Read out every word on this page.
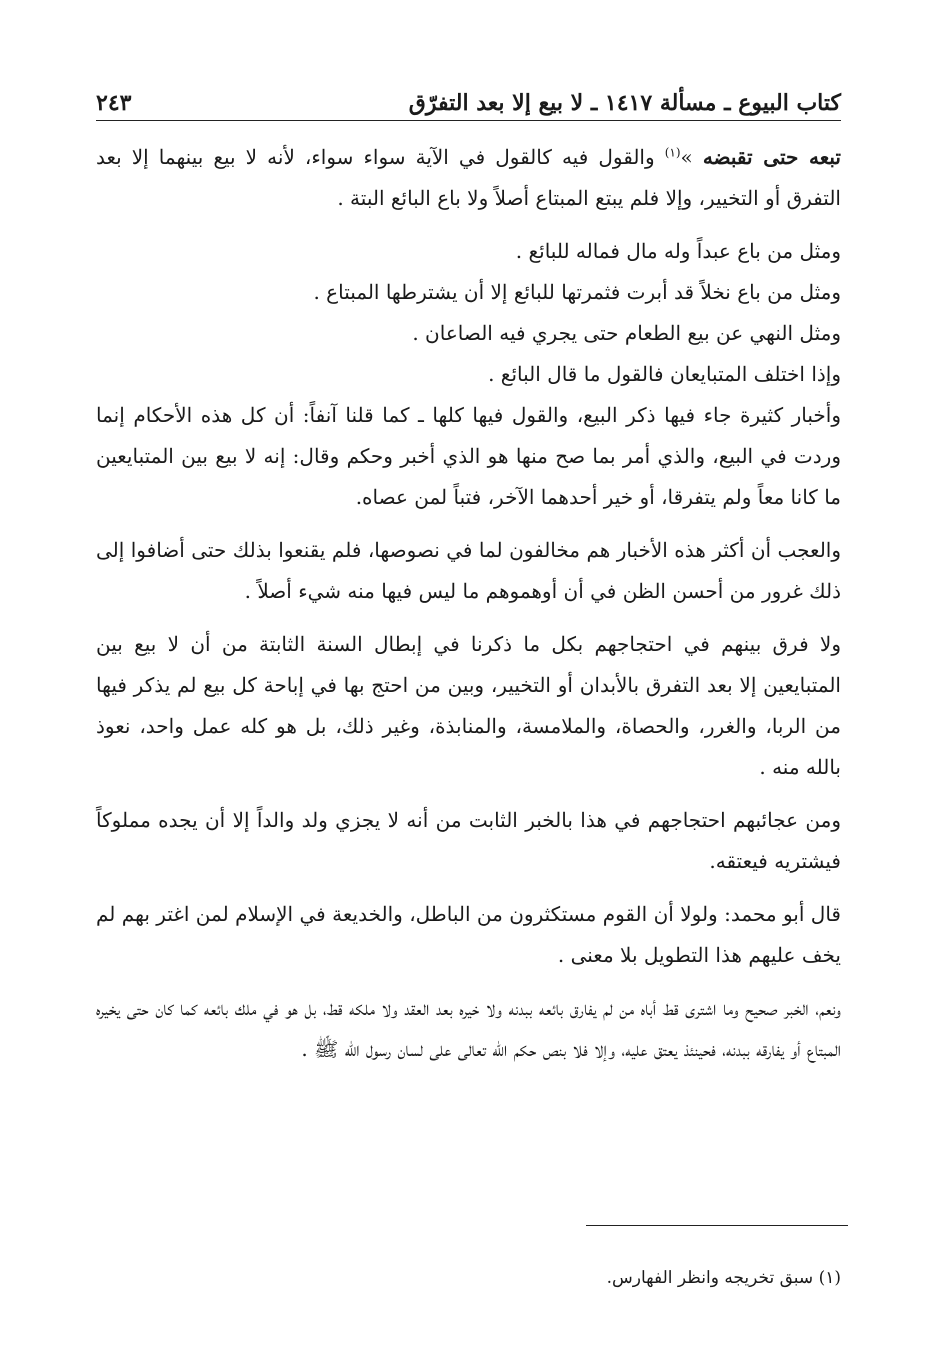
كتاب البيوع ـ مسألة ١٤١٧ ـ لا بيع إلا بعد التفرّق
٢٤٣

تبعه حتى تقبضه »$^{(١)}$ والقول فيه كالقول في الآية سواء سواء، لأنه لا بيع بينهما إلا بعد التفرق أو التخيير، وإلا فلم يبتع المبتاع أصلاً ولا باع البائع البتة .

ومثل من باع عبداً وله مال فماله للبائع .

ومثل من باع نخلاً قد أبرت فثمرتها للبائع إلا أن يشترطها المبتاع .

ومثل النهي عن بيع الطعام حتى يجري فيه الصاعان .

وإذا اختلف المتبايعان فالقول ما قال البائع .

وأخبار كثيرة جاء فيها ذكر البيع، والقول فيها كلها ـ كما قلنا آنفاً: أن كل هذه الأحكام إنما وردت في البيع، والذي أمر بما صح منها هو الذي أخبر وحكم وقال: إنه لا بيع بين المتبايعين ما كانا معاً ولم يتفرقا، أو خير أحدهما الآخر، فتباً لمن عصاه.

والعجب أن أكثر هذه الأخبار هم مخالفون لما في نصوصها، فلم يقنعوا بذلك حتى أضافوا إلى ذلك غرور من أحسن الظن في أن أوهموهم ما ليس فيها منه شيء أصلاً .

ولا فرق بينهم في احتجاجهم بكل ما ذكرنا في إبطال السنة الثابتة من أن لا بيع بين المتبايعين إلا بعد التفرق بالأبدان أو التخيير، وبين من احتج بها في إباحة كل بيع لم يذكر فيها من الربا، والغرر، والحصاة، والملامسة، والمنابذة، وغير ذلك، بل هو كله عمل واحد، نعوذ بالله منه .

ومن عجائبهم احتجاجهم في هذا بالخبر الثابت من أنه لا يجزي ولد والداً إلا أن يجده مملوكاً فيشتريه فيعتقه.

قال أبو محمد: ولولا أن القوم مستكثرون من الباطل، والخديعة في الإسلام لمن اغتر بهم لم يخف عليهم هذا التطويل بلا معنى .

ونعم، الخبر صحيح وما اشترى قط أباه من لم يفارق بائعه ببدنه ولا خيره بعد العقد ولا ملكه قط، بل هو في ملك بائعه كما كان حتى يخيره المبتاع أو يفارقه ببدنه، فحينئذ يعتق عليه، وإلا فلا بنص حكم الله تعالى على لسان رسول الله ﷺ .

(١) سبق تخريجه وانظر الفهارس.
